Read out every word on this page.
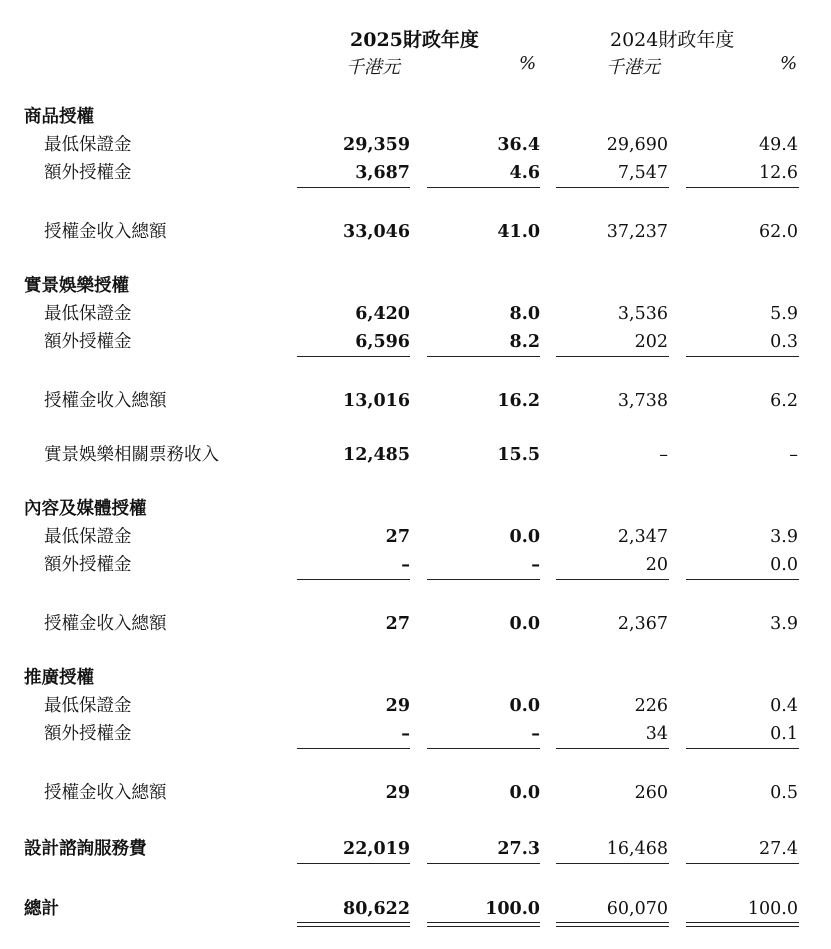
2025財政年度	2024財政年度
千港元	%	千港元	%
商品授權
最低保證金	29,359	36.4	29,690	49.4
額外授權金	3,687	4.6	7,547	12.6
授權金收入總額	33,046	41.0	37,237	62.0
實景娛樂授權
最低保證金	6,420	8.0	3,536	5.9
額外授權金	6,596	8.2	202	0.3
授權金收入總額	13,016	16.2	3,738	6.2
實景娛樂相關票務收入	12,485	15.5	–	–
內容及媒體授權
最低保證金	27	0.0	2,347	3.9
額外授權金	–	–	20	0.0
授權金收入總額	27	0.0	2,367	3.9
推廣授權
最低保證金	29	0.0	226	0.4
額外授權金	–	–	34	0.1
授權金收入總額	29	0.0	260	0.5
設計諮詢服務費	22,019	27.3	16,468	27.4
總計	80,622	100.0	60,070	100.0
